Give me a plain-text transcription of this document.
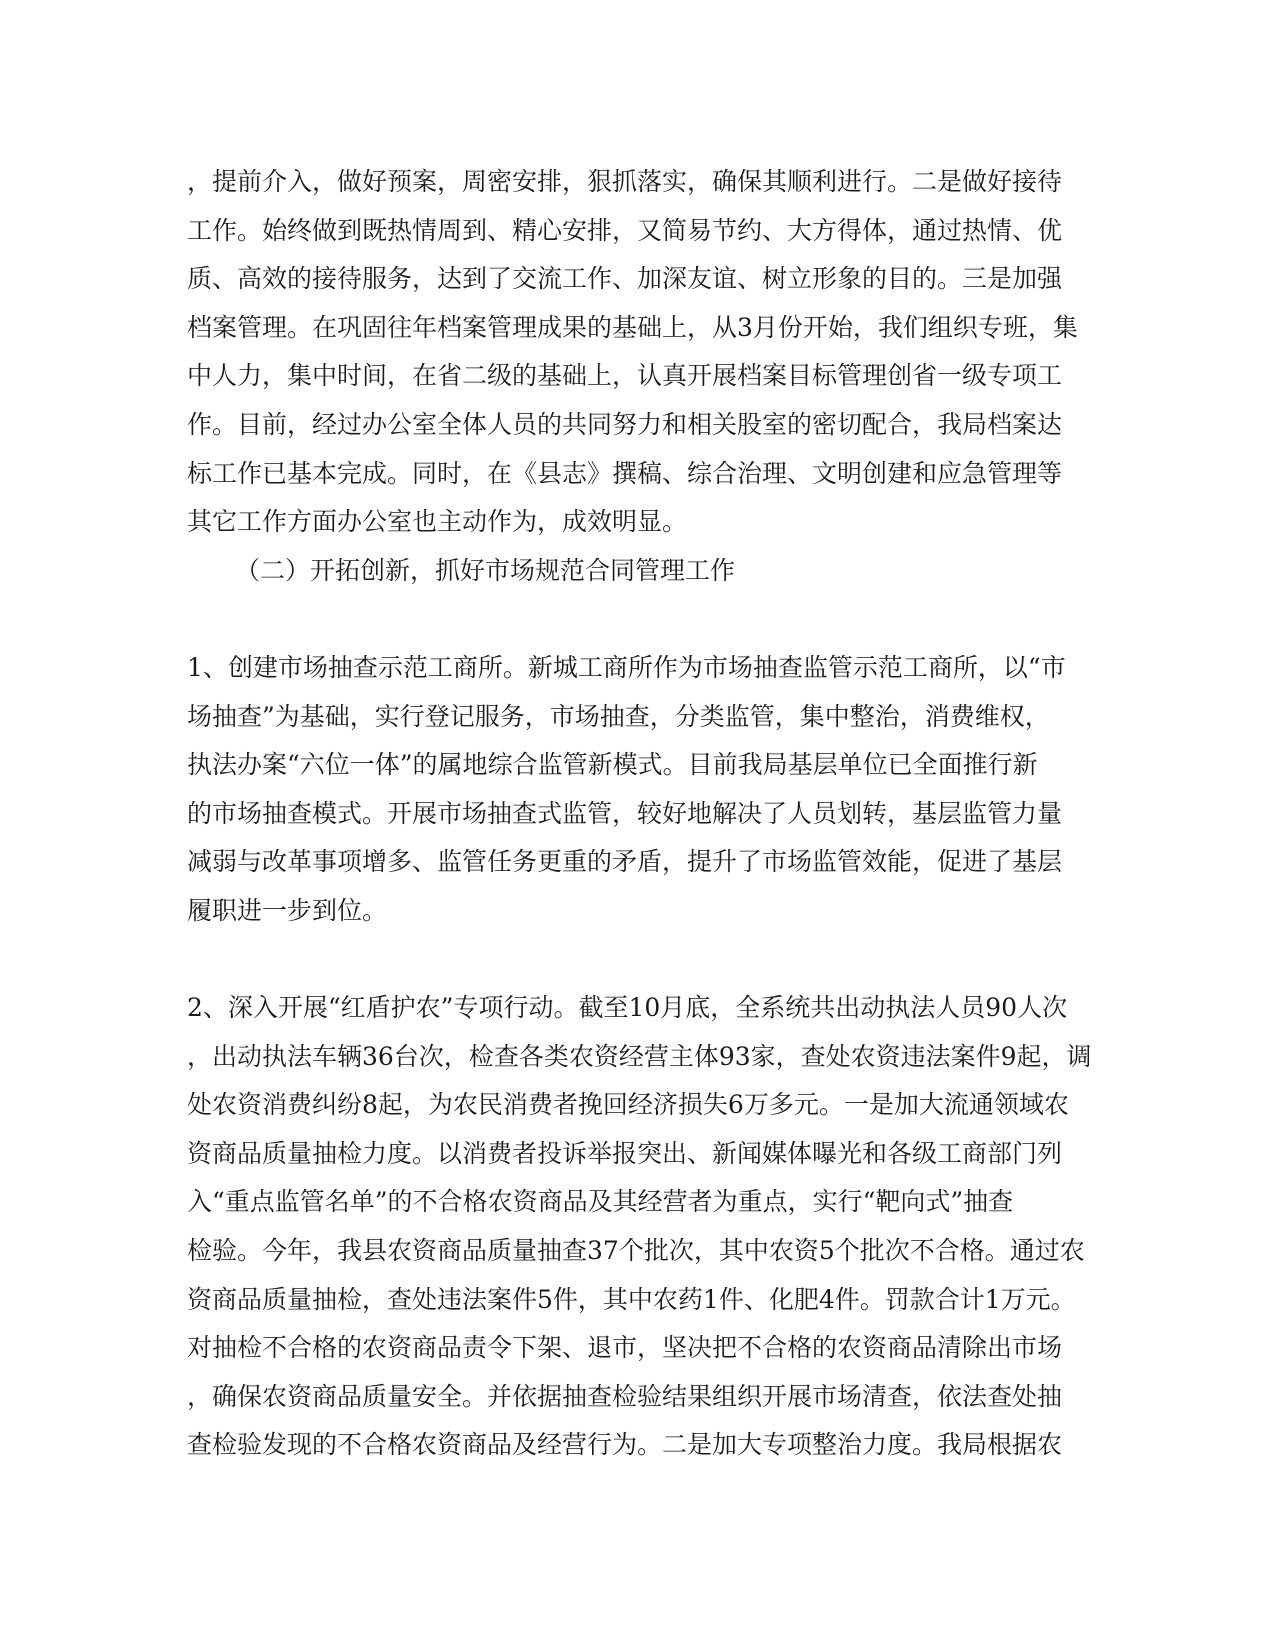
，提前介入，做好预案，周密安排，狠抓落实，确保其顺利进行。二是做好接待
工作。始终做到既热情周到、精心安排，又简易节约、大方得体，通过热情、优
质、高效的接待服务，达到了交流工作、加深友谊、树立形象的目的。三是加强
档案管理。在巩固往年档案管理成果的基础上，从3月份开始，我们组织专班，集
中人力，集中时间，在省二级的基础上，认真开展档案目标管理创省一级专项工
作。目前，经过办公室全体人员的共同努力和相关股室的密切配合，我局档案达
标工作已基本完成。同时，在《县志》撰稿、综合治理、文明创建和应急管理等
其它工作方面办公室也主动作为，成效明显。
（二）开拓创新，抓好市场规范合同管理工作
1、创建市场抽查示范工商所。新城工商所作为市场抽查监管示范工商所，以“市
场抽查”为基础，实行登记服务，市场抽查，分类监管，集中整治，消费维权，
执法办案“六位一体”的属地综合监管新模式。目前我局基层单位已全面推行新
的市场抽查模式。开展市场抽查式监管，较好地解决了人员划转，基层监管力量
减弱与改革事项增多、监管任务更重的矛盾，提升了市场监管效能，促进了基层
履职进一步到位。
2、深入开展“红盾护农”专项行动。截至10月底，全系统共出动执法人员90人次
，出动执法车辆36台次，检查各类农资经营主体93家，查处农资违法案件9起，调
处农资消费纠纷8起，为农民消费者挽回经济损失6万多元。一是加大流通领域农
资商品质量抽检力度。以消费者投诉举报突出、新闻媒体曝光和各级工商部门列
入“重点监管名单”的不合格农资商品及其经营者为重点，实行“靶向式”抽查
检验。今年，我县农资商品质量抽查37个批次，其中农资5个批次不合格。通过农
资商品质量抽检，查处违法案件5件，其中农药1件、化肥4件。罚款合计1万元。
对抽检不合格的农资商品责令下架、退市，坚决把不合格的农资商品清除出市场
，确保农资商品质量安全。并依据抽查检验结果组织开展市场清查，依法查处抽
查检验发现的不合格农资商品及经营行为。二是加大专项整治力度。我局根据农
